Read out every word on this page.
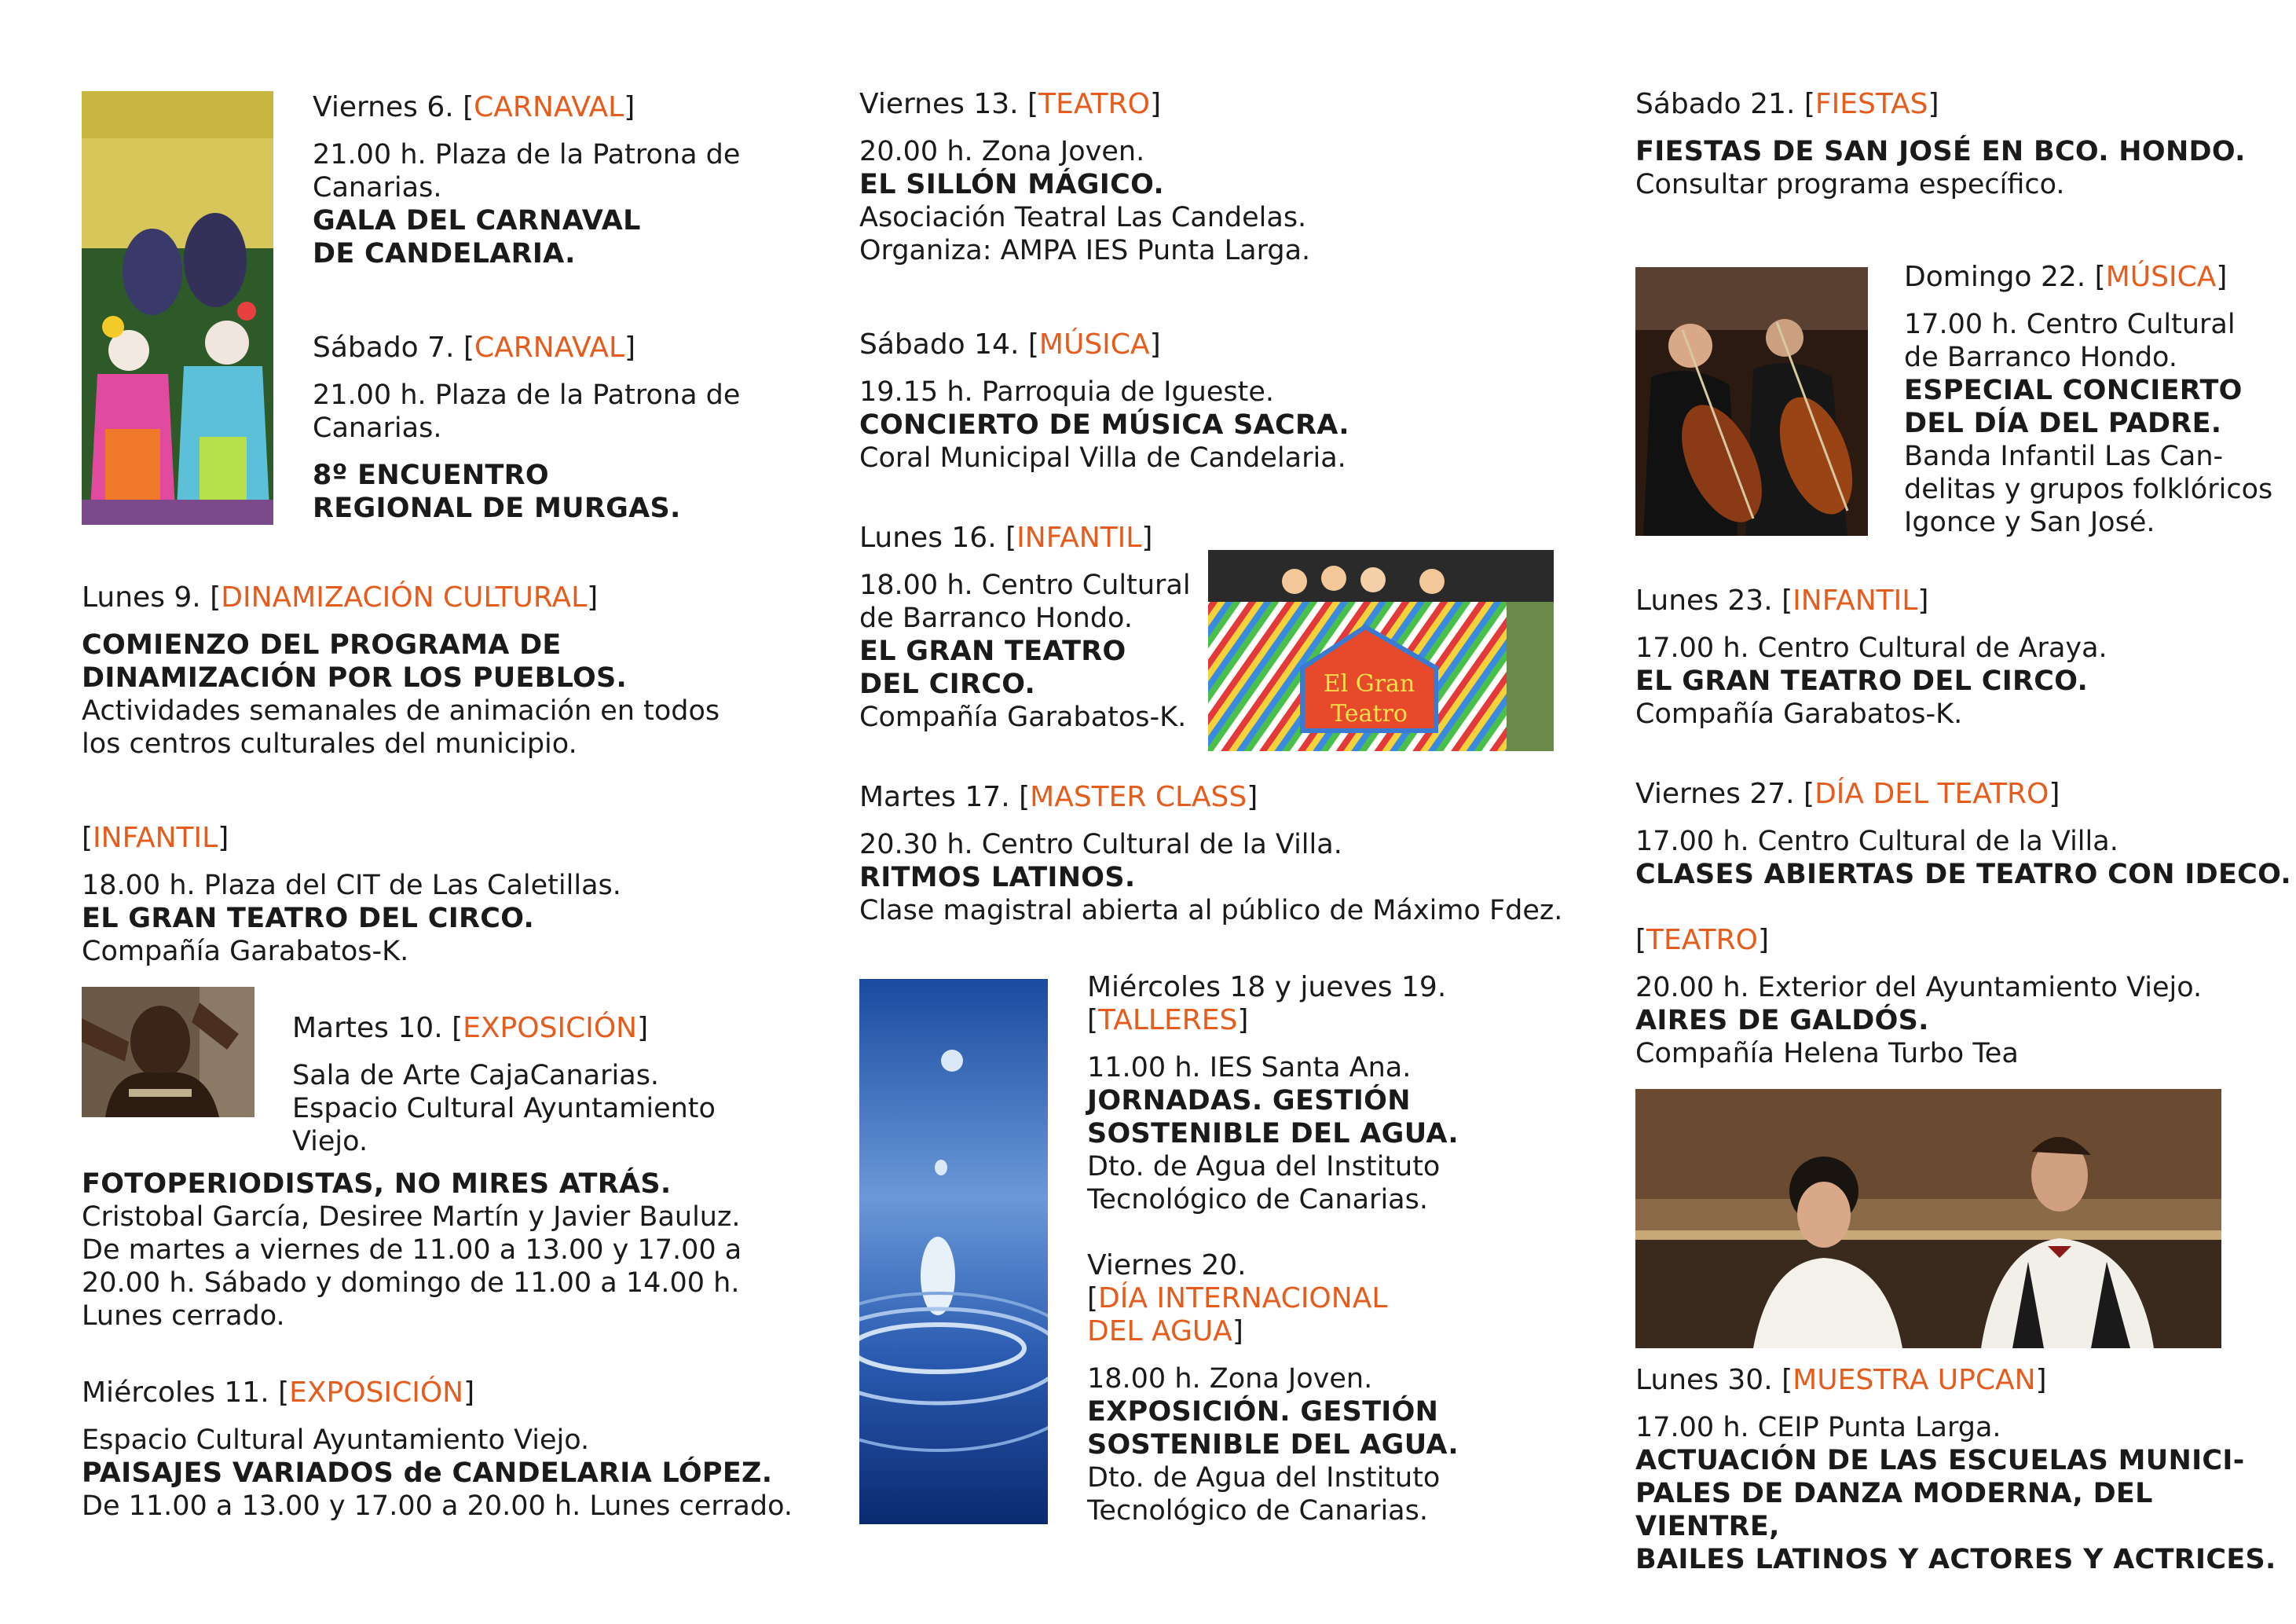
Viernes 6. [CARNAVAL]

21.00 h. Plaza de la Patrona de

Canarias.

GALA DEL CARNAVAL

DE CANDELARIA.

Sábado 7. [CARNAVAL]

21.00 h. Plaza de la Patrona de

Canarias.

8º ENCUENTRO

REGIONAL DE MURGAS.

Lunes 9. [DINAMIZACIÓN CULTURAL]

COMIENZO DEL PROGRAMA DE

DINAMIZACIÓN POR LOS PUEBLOS.

Actividades semanales de animación en todos

los centros culturales del municipio.

[INFANTIL]

18.00 h. Plaza del CIT de Las Caletillas.

EL GRAN TEATRO DEL CIRCO.

Compañía Garabatos-K.

Martes 10. [EXPOSICIÓN]

Sala de Arte CajaCanarias.

Espacio Cultural Ayuntamiento

Viejo.

FOTOPERIODISTAS, NO MIRES ATRÁS.

Cristobal García, Desiree Martín y Javier Bauluz.

De martes a viernes de 11.00 a 13.00 y 17.00 a

20.00 h. Sábado y domingo de 11.00 a 14.00 h.

Lunes cerrado.

Miércoles 11. [EXPOSICIÓN]

Espacio Cultural Ayuntamiento Viejo.

PAISAJES VARIADOS de CANDELARIA LÓPEZ.

De 11.00 a 13.00 y 17.00 a 20.00 h. Lunes cerrado.

Viernes 13. [TEATRO]

20.00 h. Zona Joven.

EL SILLÓN MÁGICO.

Asociación Teatral Las Candelas.

Organiza: AMPA IES Punta Larga.

Sábado 14. [MÚSICA]

19.15 h. Parroquia de Igueste.

CONCIERTO DE MÚSICA SACRA.

Coral Municipal Villa de Candelaria.

Lunes 16. [INFANTIL]

18.00 h. Centro Cultural

de Barranco Hondo.

EL GRAN TEATRO

DEL CIRCO.

Compañía Garabatos-K.

El Gran
Teatro

Martes 17. [MASTER CLASS]

20.30 h. Centro Cultural de la Villa.

RITMOS LATINOS.

Clase magistral abierta al público de Máximo Fdez.

Miércoles 18 y jueves 19.

[TALLERES]

11.00 h. IES Santa Ana.

JORNADAS. GESTIÓN

SOSTENIBLE DEL AGUA.

Dto. de Agua del Instituto

Tecnológico de Canarias.

Viernes 20.

[DÍA INTERNACIONAL

DEL AGUA]

18.00 h. Zona Joven.

EXPOSICIÓN. GESTIÓN

SOSTENIBLE DEL AGUA.

Dto. de Agua del Instituto

Tecnológico de Canarias.

Sábado 21. [FIESTAS]

FIESTAS DE SAN JOSÉ EN BCO. HONDO.

Consultar programa específico.

Domingo 22. [MÚSICA]

17.00 h. Centro Cultural

de Barranco Hondo.

ESPECIAL CONCIERTO

DEL DÍA DEL PADRE.

Banda Infantil Las Can-

delitas y grupos folklóricos

Igonce y San José.

Lunes 23. [INFANTIL]

17.00 h. Centro Cultural de Araya.

EL GRAN TEATRO DEL CIRCO.

Compañía Garabatos-K.

Viernes 27. [DÍA DEL TEATRO]

17.00 h. Centro Cultural de la Villa.

CLASES ABIERTAS DE TEATRO CON IDECO.

[TEATRO]

20.00 h. Exterior del Ayuntamiento Viejo.

AIRES DE GALDÓS.

Compañía Helena Turbo Tea

Lunes 30. [MUESTRA UPCAN]

17.00 h. CEIP Punta Larga.

ACTUACIÓN DE LAS ESCUELAS MUNICI-

PALES DE DANZA MODERNA, DEL VIENTRE,

BAILES LATINOS Y ACTORES Y ACTRICES.
